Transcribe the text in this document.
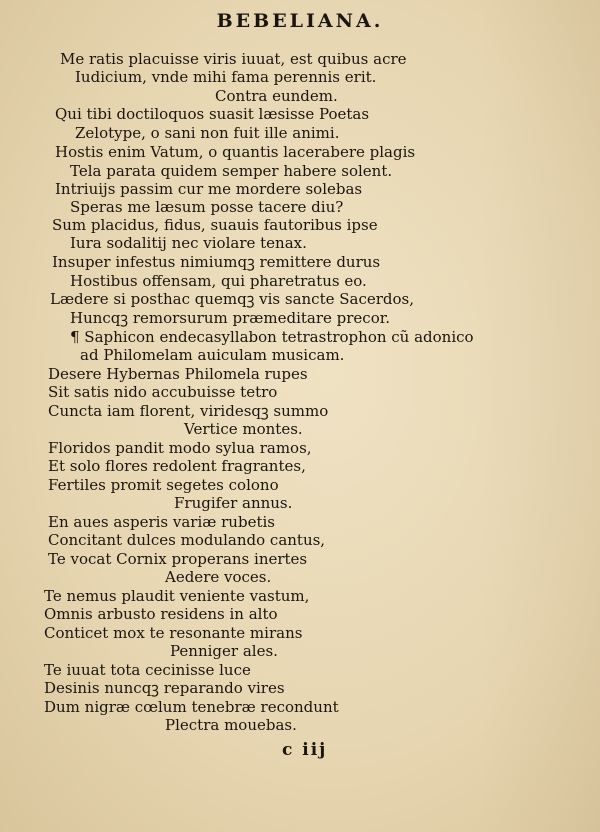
BEBELIANA.
Me ratis placuisse viris iuuat, est quibus acre
Iudicium, vnde mihi fama perennis erit.
Contra eundem.
Qui tibi doctiloquos suasit læsisse Poetas
Zelotype, o sani non fuit ille animi.
Hostis enim Vatum, o quantis lacerabere plagis
Tela parata quidem semper habere solent.
Intriuijs passim cur me mordere solebas
Speras me læsum posse tacere diu?
Sum placidus, fidus, suauis fautoribus ipse
Iura sodalitij nec violare tenax.
Insuper infestus nimiumqꝫ remittere durus
Hostibus offensam, qui pharetratus eo.
Lædere si posthac quemqꝫ vis sancte Sacerdos,
Huncqꝫ remorsurum præmeditare precor.
¶ Saphicon endecasyllabon tetrastrophon cũ adonico
ad Philomelam auiculam musicam.
Desere Hybernas Philomela rupes
Sit satis nido accubuisse tetro
Cuncta iam florent, viridesqꝫ summo
Vertice montes.
Floridos pandit modo sylua ramos,
Et solo flores redolent fragrantes,
Fertiles promit segetes colono
Frugifer annus.
En aues asperis variæ rubetis
Concitant dulces modulando cantus,
Te vocat Cornix properans inertes
Aedere voces.
Te nemus plaudit veniente vastum,
Omnis arbusto residens in alto
Conticet mox te resonante mirans
Penniger ales.
Te iuuat tota cecinisse luce
Desinis nuncqꝫ reparando vires
Dum nigræ cœlum tenebræ recondunt
Plectra mouebas.
c iij
